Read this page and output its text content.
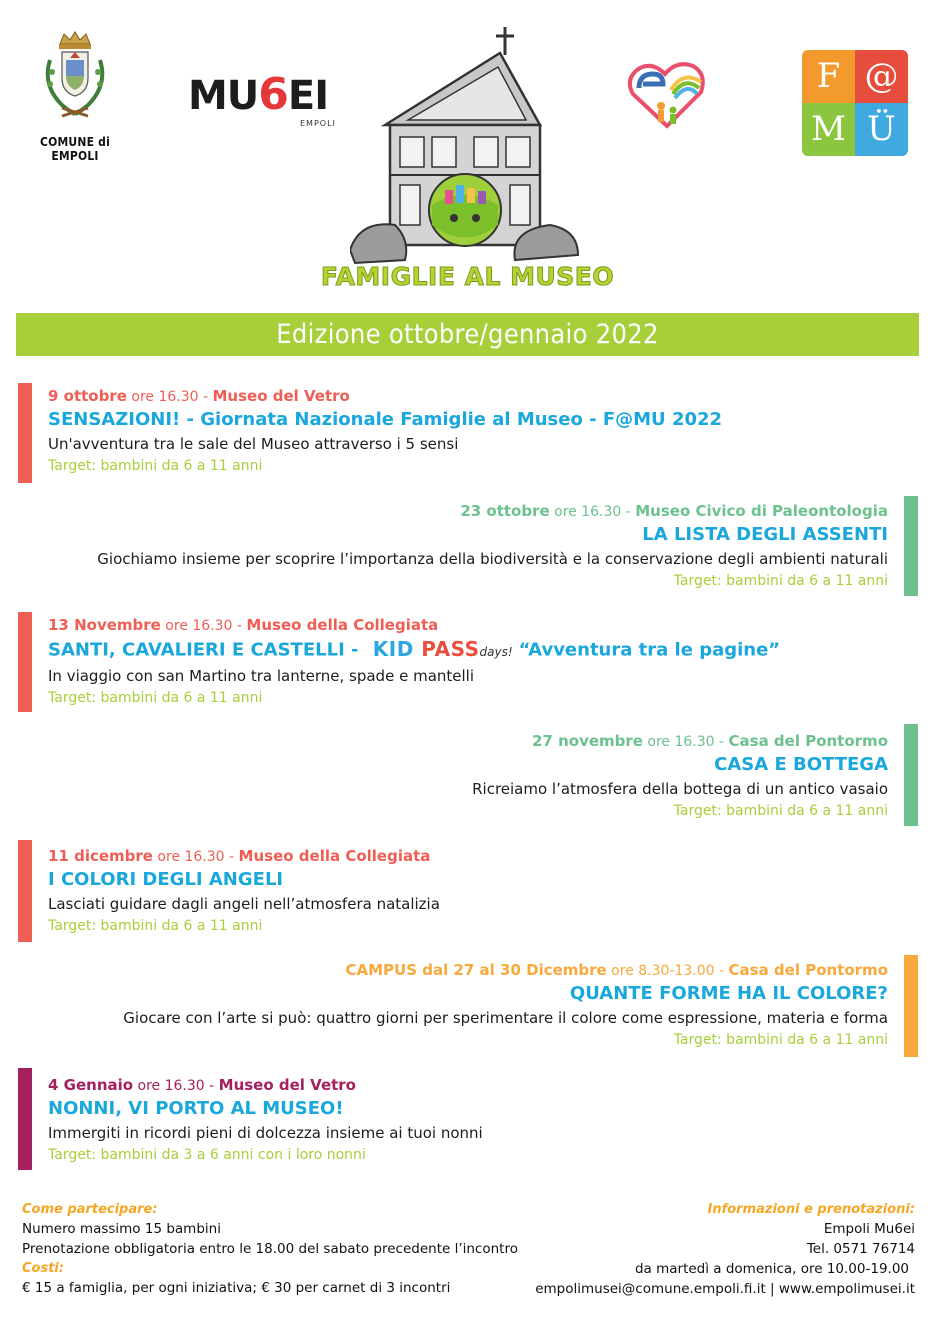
COMUNE di EMPOLI
MU6EI
EMPOLI
F @
M Ü
FAMIGLIE AL MUSEO
Edizione ottobre/gennaio 2022
9 ottobre ore 16.30 - Museo del Vetro
SENSAZIONI! - Giornata Nazionale Famiglie al Museo - F@MU 2022
Un'avventura tra le sale del Museo attraverso i 5 sensi
Target: bambini da 6 a 11 anni
23 ottobre ore 16.30 - Museo Civico di Paleontologia
LA LISTA DEGLI ASSENTI
Giochiamo insieme per scoprire l’importanza della biodiversità e la conservazione degli ambienti naturali
Target: bambini da 6 a 11 anni
13 Novembre ore 16.30 - Museo della Collegiata
SANTI, CAVALIERI E CASTELLI - KID PASSdays! “Avventura tra le pagine”
In viaggio con san Martino tra lanterne, spade e mantelli
Target: bambini da 6 a 11 anni
27 novembre ore 16.30 - Casa del Pontormo
CASA E BOTTEGA
Ricreiamo l’atmosfera della bottega di un antico vasaio
Target: bambini da 6 a 11 anni
11 dicembre ore 16.30 - Museo della Collegiata
I COLORI DEGLI ANGELI
Lasciati guidare dagli angeli nell’atmosfera natalizia
Target: bambini da 6 a 11 anni
CAMPUS dal 27 al 30 Dicembre ore 8.30-13.00 - Casa del Pontormo
QUANTE FORME HA IL COLORE?
Giocare con l’arte si può: quattro giorni per sperimentare il colore come espressione, materia e forma
Target: bambini da 6 a 11 anni
4 Gennaio ore 16.30 - Museo del Vetro
NONNI, VI PORTO AL MUSEO!
Immergiti in ricordi pieni di dolcezza insieme ai tuoi nonni
Target: bambini da 3 a 6 anni con i loro nonni
Come partecipare:
Numero massimo 15 bambini
Prenotazione obbligatoria entro le 18.00 del sabato precedente l’incontro
Costi:
€ 15 a famiglia, per ogni iniziativa; € 30 per carnet di 3 incontri
Informazioni e prenotazioni:
Empoli Mu6ei
Tel. 0571 76714
da martedì a domenica, ore 10.00-19.00
empolimusei@comune.empoli.fi.it | www.empolimusei.it
